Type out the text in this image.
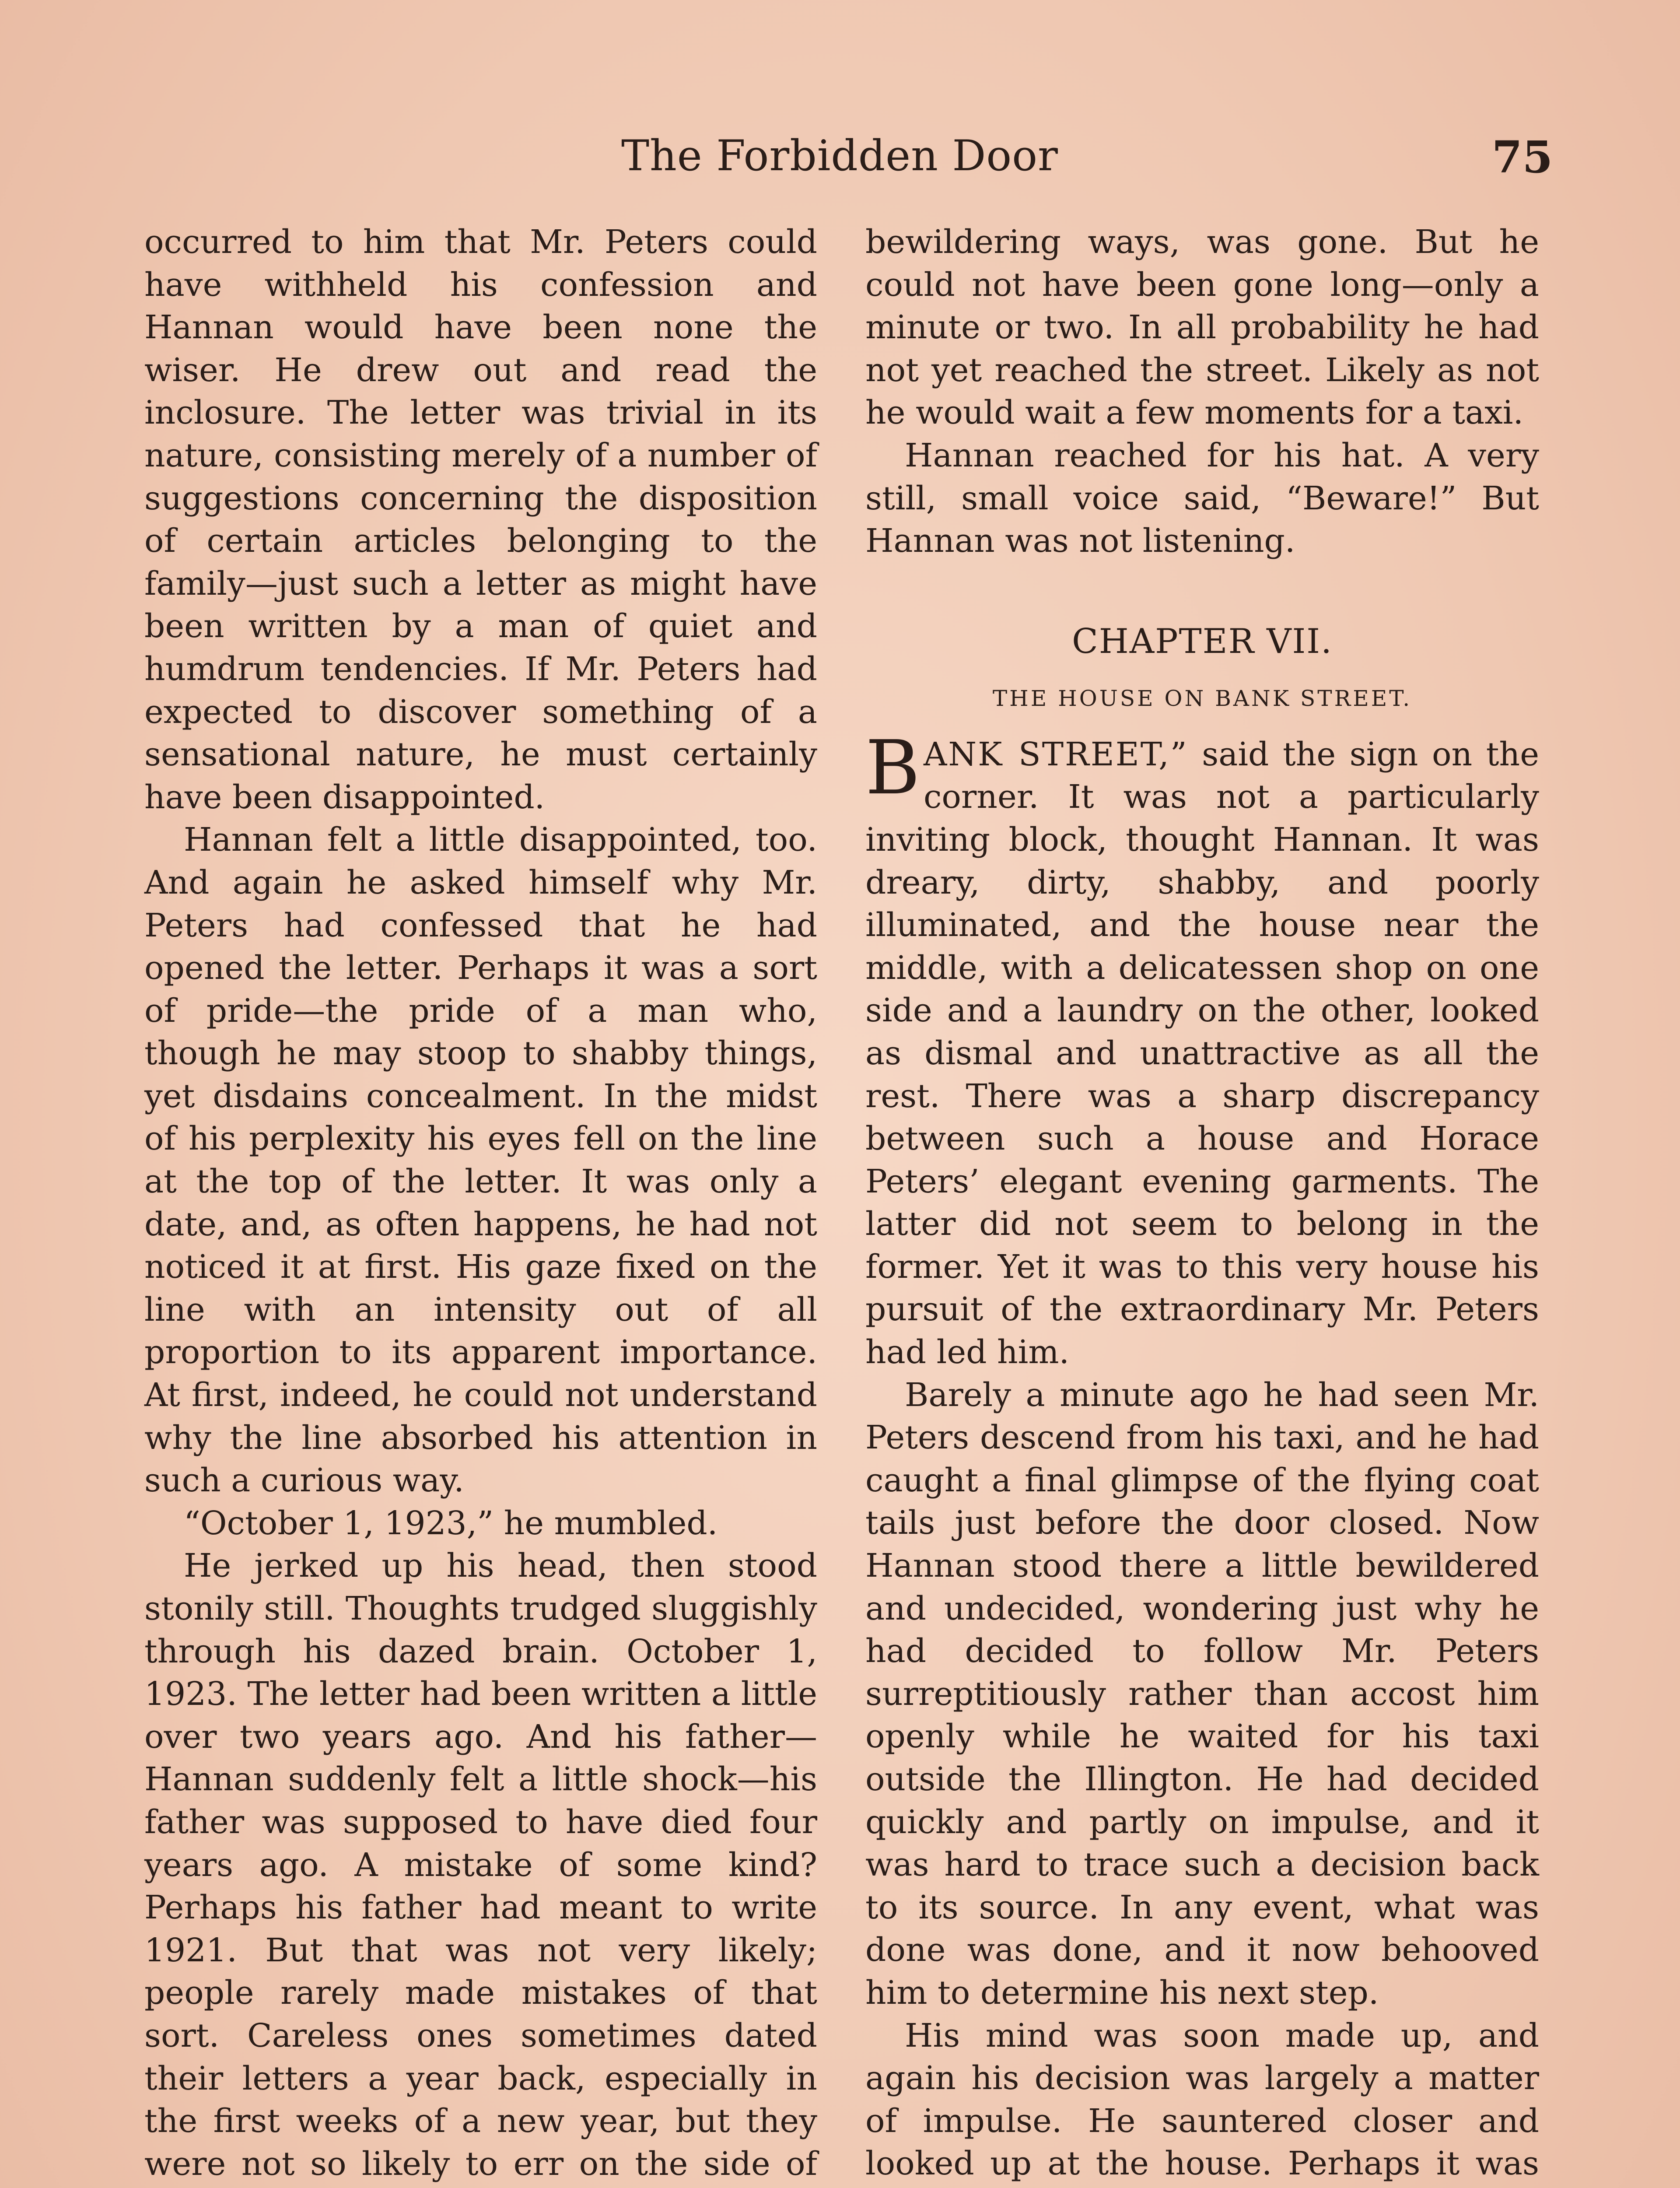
The Forbidden Door	75

occurred to him that Mr. Peters could have withheld his confession and Hannan would have been none the wiser. He drew out and read the inclosure. The letter was trivial in its nature, consisting merely of a number of suggestions concerning the disposition of certain articles belonging to the family—just such a letter as might have been written by a man of quiet and humdrum tendencies. If Mr. Peters had expected to discover something of a sensational nature, he must certainly have been disappointed.

Hannan felt a little disappointed, too. And again he asked himself why Mr. Peters had confessed that he had opened the letter. Perhaps it was a sort of pride—the pride of a man who, though he may stoop to shabby things, yet disdains concealment. In the midst of his perplexity his eyes fell on the line at the top of the letter. It was only a date, and, as often happens, he had not noticed it at first. His gaze fixed on the line with an intensity out of all proportion to its apparent importance. At first, indeed, he could not understand why the line absorbed his attention in such a curious way.

“October 1, 1923,” he mumbled.

He jerked up his head, then stood stonily still. Thoughts trudged sluggishly through his dazed brain. October 1, 1923. The letter had been written a little over two years ago. And his father—Hannan suddenly felt a little shock—his father was supposed to have died four years ago. A mistake of some kind? Perhaps his father had meant to write 1921. But that was not very likely; people rarely made mistakes of that sort. Careless ones sometimes dated their letters a year back, especially in the first weeks of a new year, but they were not so likely to err on the side of

bewildering ways, was gone. But he could not have been gone long—only a minute or two. In all probability he had not yet reached the street. Likely as not he would wait a few moments for a taxi.

Hannan reached for his hat. A very still, small voice said, “Beware!” But Hannan was not listening.

CHAPTER VII.
THE HOUSE ON BANK STREET.

BANK STREET,” said the sign on the corner. It was not a particularly inviting block, thought Hannan. It was dreary, dirty, shabby, and poorly illuminated, and the house near the middle, with a delicatessen shop on one side and a laundry on the other, looked as dismal and unattractive as all the rest. There was a sharp discrepancy between such a house and Horace Peters’ elegant evening garments. The latter did not seem to belong in the former. Yet it was to this very house his pursuit of the extraordinary Mr. Peters had led him.

Barely a minute ago he had seen Mr. Peters descend from his taxi, and he had caught a final glimpse of the flying coat tails just before the door closed. Now Hannan stood there a little bewildered and undecided, wondering just why he had decided to follow Mr. Peters surreptitiously rather than accost him openly while he waited for his taxi outside the Illington. He had decided quickly and partly on impulse, and it was hard to trace such a decision back to its source. In any event, what was done was done, and it now behooved him to determine his next step.

His mind was soon made up, and again his decision was largely a matter of impulse. He sauntered closer and looked up at the house. Perhaps it was
